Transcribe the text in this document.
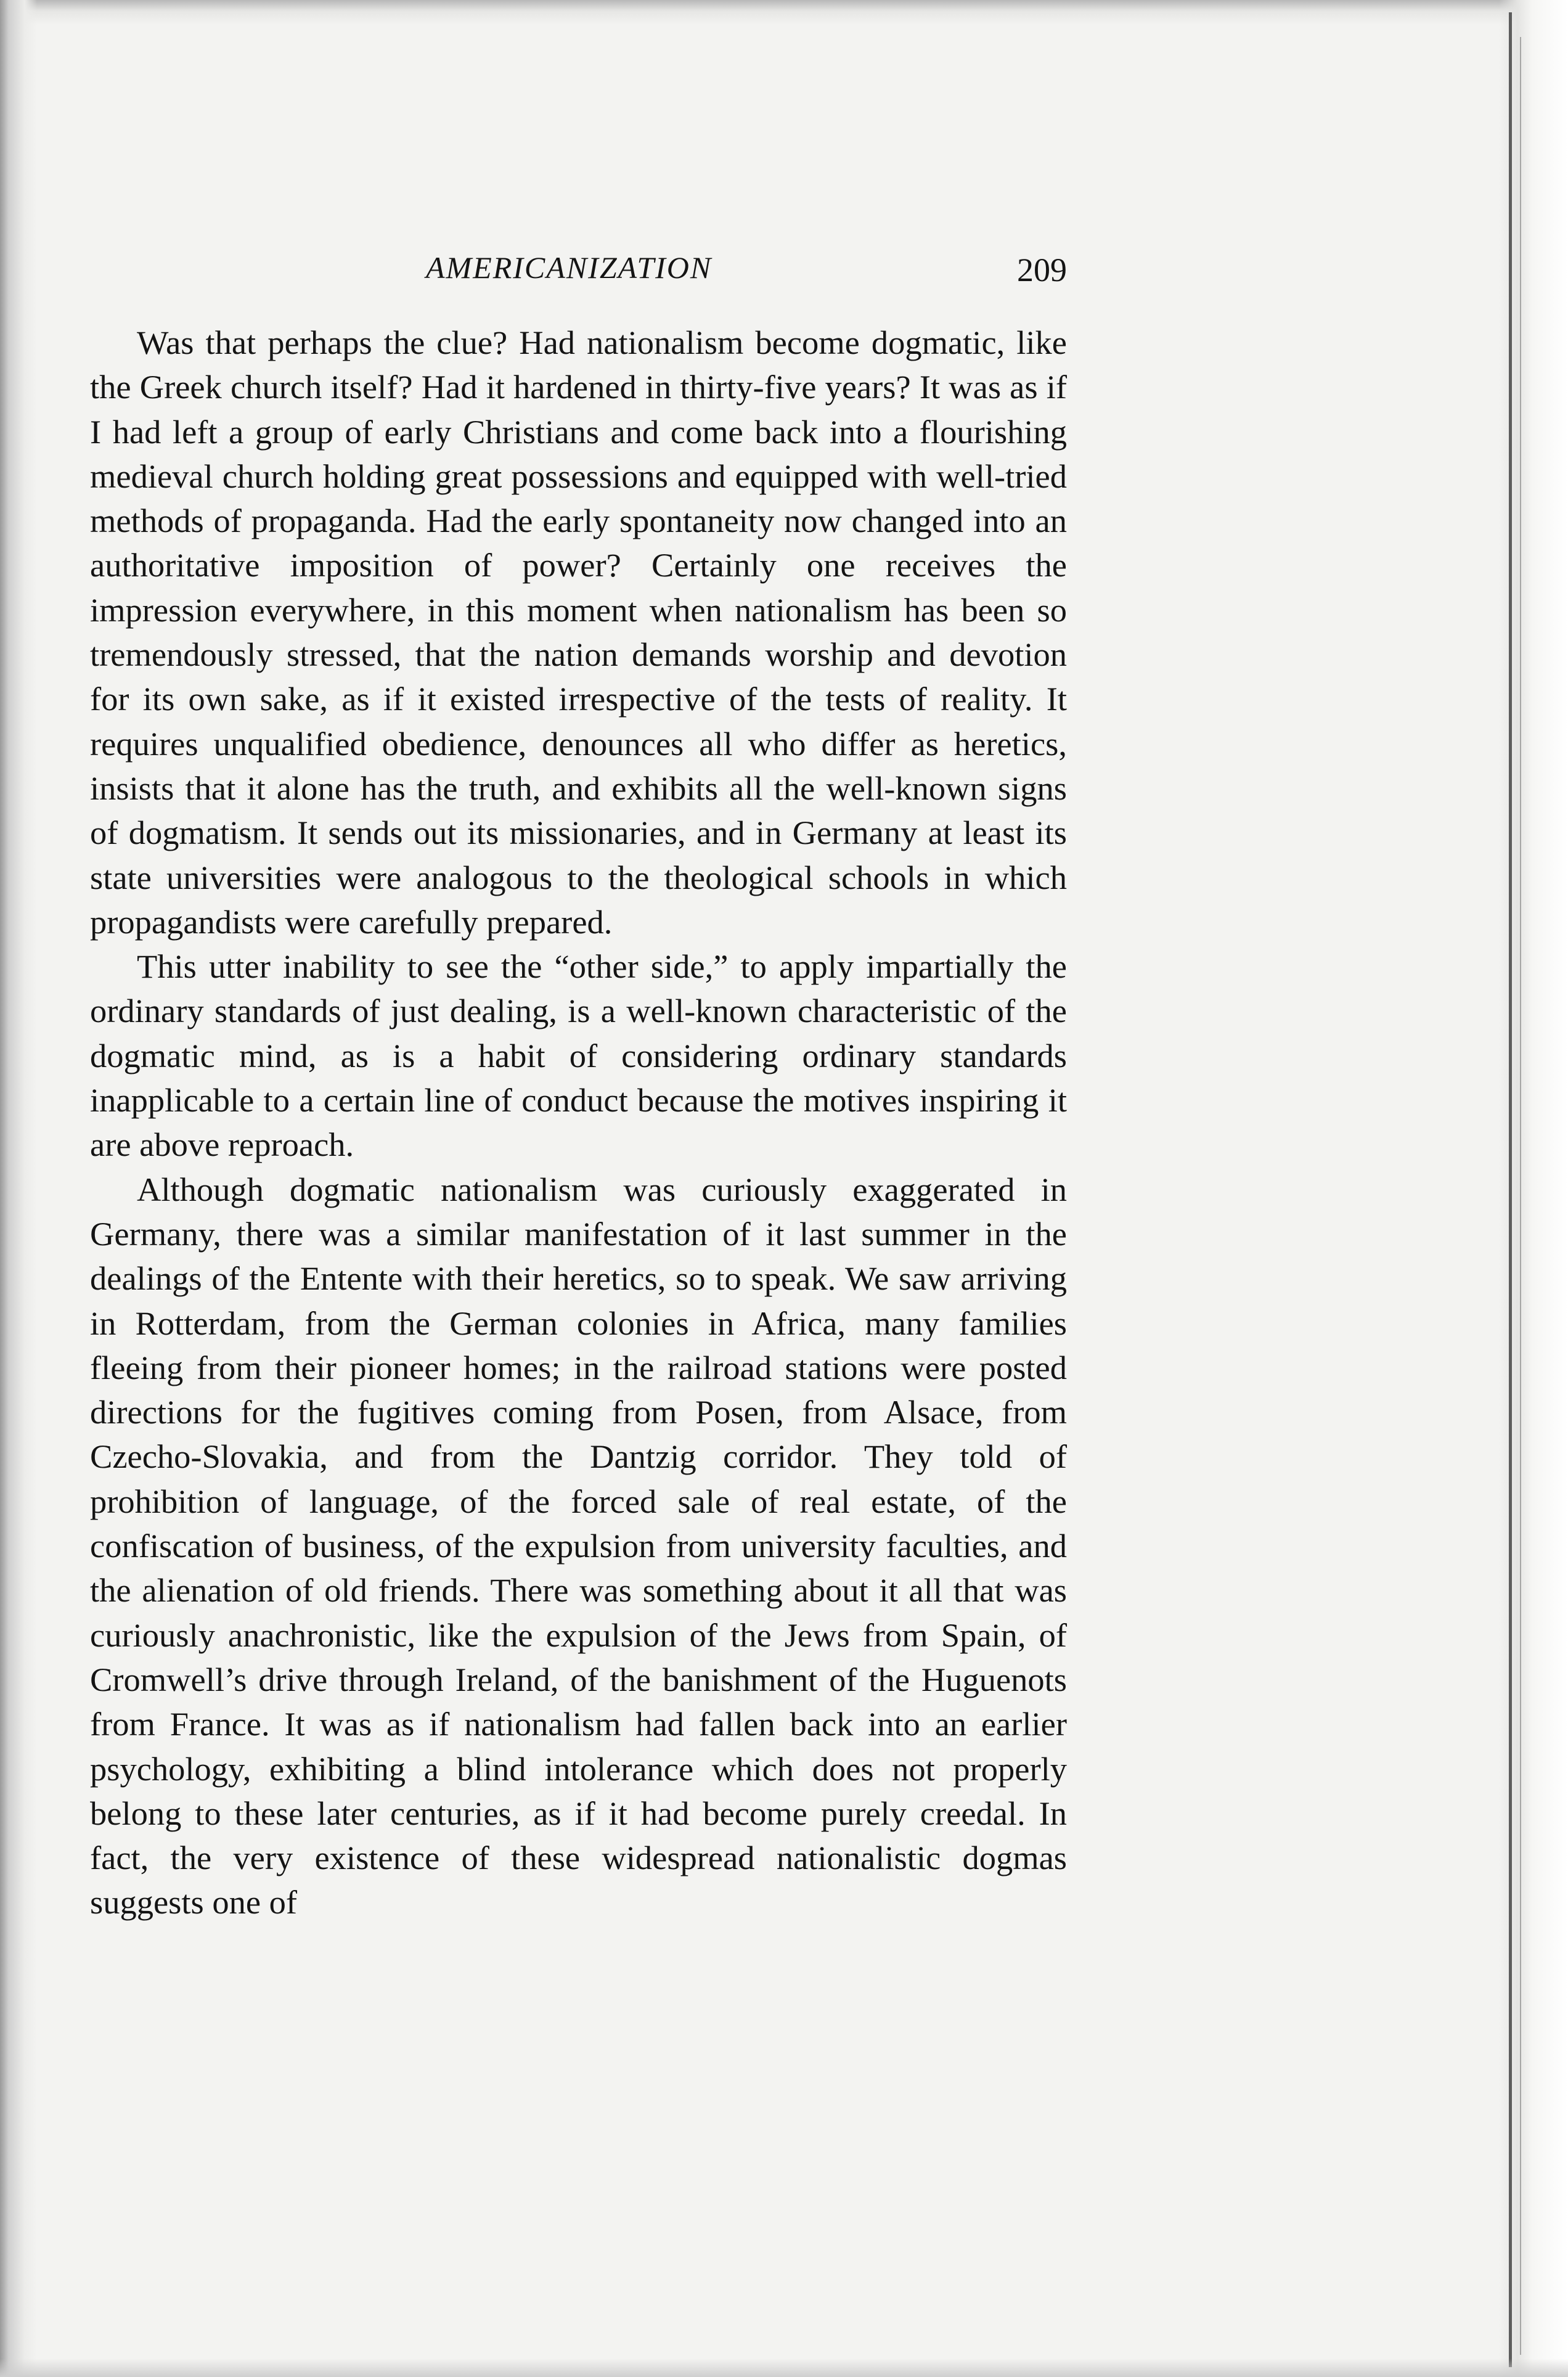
AMERICANIZATION	209

Was that perhaps the clue? Had nationalism become dogmatic, like the Greek church itself? Had it hardened in thirty-five years? It was as if I had left a group of early Christians and come back into a flourishing medieval church holding great possessions and equipped with well-tried methods of propaganda. Had the early spontaneity now changed into an authoritative imposition of power? Certainly one receives the impression everywhere, in this moment when nationalism has been so tremendously stressed, that the nation demands worship and devotion for its own sake, as if it existed irrespective of the tests of reality. It requires unqualified obedience, denounces all who differ as heretics, insists that it alone has the truth, and exhibits all the well-known signs of dogmatism. It sends out its missionaries, and in Germany at least its state universities were analogous to the theological schools in which propagandists were carefully prepared.

This utter inability to see the “other side,” to apply impartially the ordinary standards of just dealing, is a well-known characteristic of the dogmatic mind, as is a habit of considering ordinary standards inapplicable to a certain line of conduct because the motives inspiring it are above reproach.

Although dogmatic nationalism was curiously exaggerated in Germany, there was a similar manifestation of it last summer in the dealings of the Entente with their heretics, so to speak. We saw arriving in Rotterdam, from the German colonies in Africa, many families fleeing from their pioneer homes; in the railroad stations were posted directions for the fugitives coming from Posen, from Alsace, from Czecho-Slovakia, and from the Dantzig corridor. They told of prohibition of language, of the forced sale of real estate, of the confiscation of business, of the expulsion from university faculties, and the alienation of old friends. There was something about it all that was curiously anachronistic, like the expulsion of the Jews from Spain, of Cromwell’s drive through Ireland, of the banishment of the Huguenots from France. It was as if nationalism had fallen back into an earlier psychology, exhibiting a blind intolerance which does not properly belong to these later centuries, as if it had become purely creedal. In fact, the very existence of these widespread nationalistic dogmas suggests one of
